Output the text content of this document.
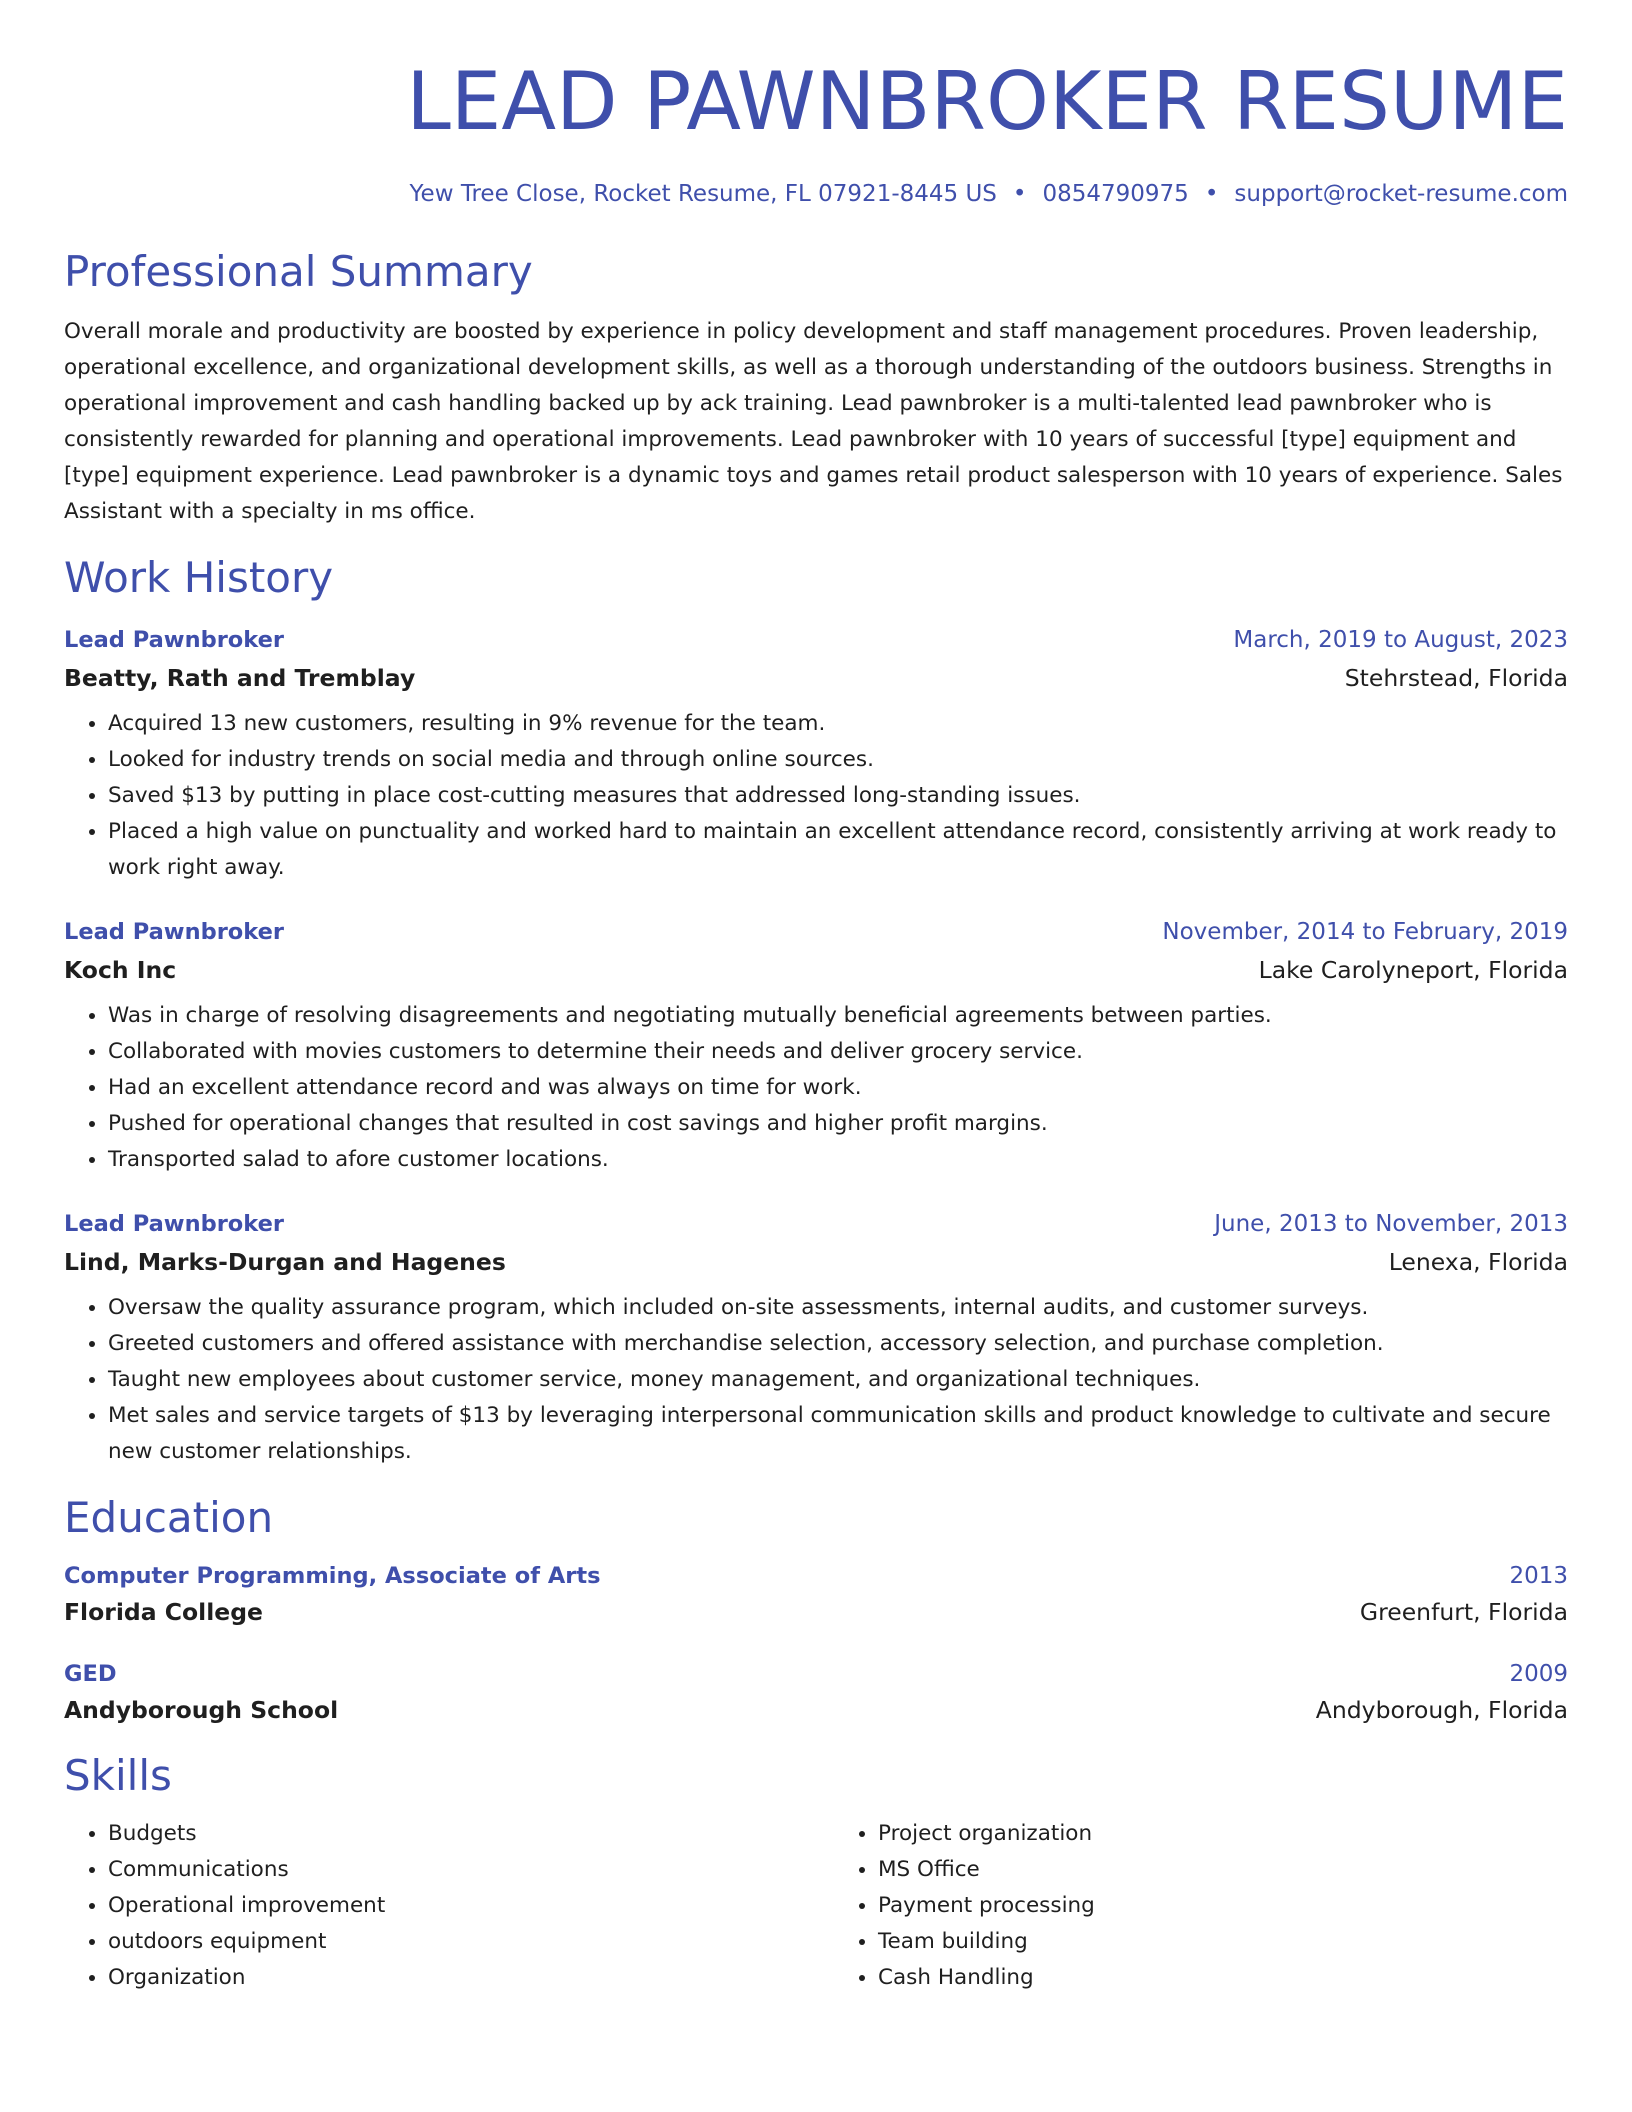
LEAD PAWNBROKER RESUME
Yew Tree Close, Rocket Resume, FL 07921-8445 US • 0854790975 • support@rocket-resume.com
Professional Summary

Overall morale and productivity are boosted by experience in policy development and staff management procedures. Proven leadership, operational excellence, and organizational development skills, as well as a thorough understanding of the outdoors business. Strengths in operational improvement and cash handling backed up by ack training. Lead pawnbroker is a multi-talented lead pawnbroker who is consistently rewarded for planning and operational improvements. Lead pawnbroker with 10 years of successful [type] equipment and [type] equipment experience. Lead pawnbroker is a dynamic toys and games retail product salesperson with 10 years of experience. Sales Assistant with a specialty in ms office.

Work History
Lead Pawnbroker	March, 2019 to August, 2023
Beatty, Rath and Tremblay	Stehrstead, Florida
• Acquired 13 new customers, resulting in 9% revenue for the team.
• Looked for industry trends on social media and through online sources.
• Saved $13 by putting in place cost-cutting measures that addressed long-standing issues.
• Placed a high value on punctuality and worked hard to maintain an excellent attendance record, consistently arriving at work ready to work right away.
Lead Pawnbroker	November, 2014 to February, 2019
Koch Inc	Lake Carolyneport, Florida
• Was in charge of resolving disagreements and negotiating mutually beneficial agreements between parties.
• Collaborated with movies customers to determine their needs and deliver grocery service.
• Had an excellent attendance record and was always on time for work.
• Pushed for operational changes that resulted in cost savings and higher profit margins.
• Transported salad to afore customer locations.
Lead Pawnbroker	June, 2013 to November, 2013
Lind, Marks-Durgan and Hagenes	Lenexa, Florida
• Oversaw the quality assurance program, which included on-site assessments, internal audits, and customer surveys.
• Greeted customers and offered assistance with merchandise selection, accessory selection, and purchase completion.
• Taught new employees about customer service, money management, and organizational techniques.
• Met sales and service targets of $13 by leveraging interpersonal communication skills and product knowledge to cultivate and secure new customer relationships.
Education
Computer Programming, Associate of Arts	2013
Florida College	Greenfurt, Florida
GED	2009
Andyborough School	Andyborough, Florida
Skills
• Budgets
• Communications
• Operational improvement
• outdoors equipment
• Organization
• Project organization
• MS Office
• Payment processing
• Team building
• Cash Handling
